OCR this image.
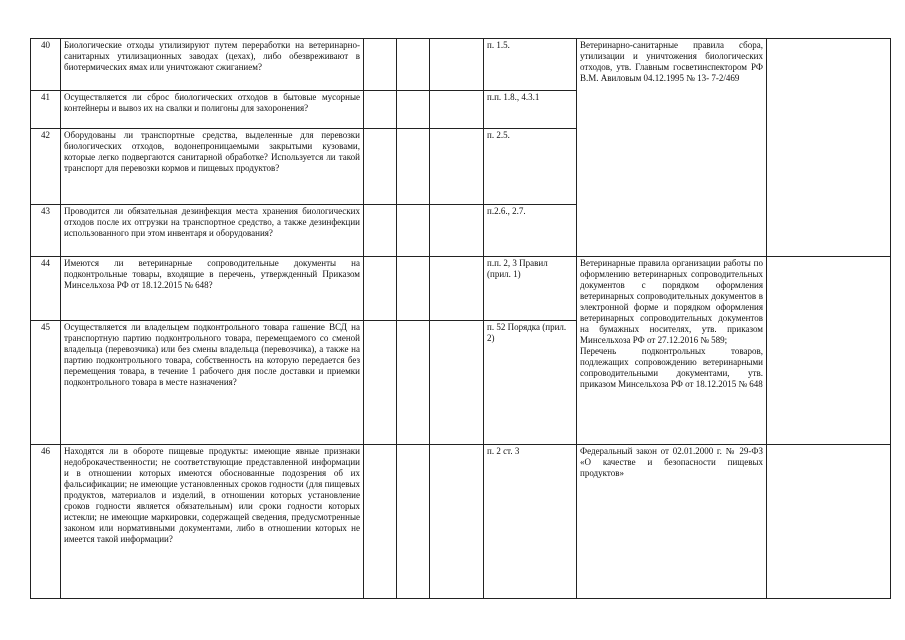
40	Биологические отходы утилизируют путем переработки на ветеринарно- санитарных утилизационных заводах (цехах), либо обезвреживают в биотермических ямах или уничтожают сжиганием?				п. 1.5.	Ветеринарно-санитарные правила сбора, утилизации и уничтожения биологических отходов, утв. Главным госветинспектором РФ В.М. Авиловым 04.12.1995 № 13- 7-2/469	
41	Осуществляется ли сброс биологических отходов в бытовые мусорные контейнеры и вывоз их на свалки и полигоны для захоронения?				п.п. 1.8., 4.3.1		
42	Оборудованы ли транспортные средства, выделенные для перевозки биологических отходов, водонепроницаемыми закрытыми кузовами, которые легко подвергаются санитарной обработке? Используется ли такой транспорт для перевозки кормов и пищевых продуктов?				п. 2.5.		
43	Проводится ли обязательная дезинфекция места хранения биологических отходов после их отгрузки на транспортное средство, а также дезинфекции использованного при этом инвентаря и оборудования?				п.2.6., 2.7.		
44	Имеются ли ветеринарные сопроводительные документы на подконтрольные товары, входящие в перечень, утвержденный Приказом Минсельхоза РФ от 18.12.2015 № 648?				п.п. 2, 3 Правил (прил. 1)	Ветеринарные правила организации работы по оформлению ветеринарных сопроводительных документов с порядком оформления ветеринарных сопроводительных документов в электронной форме и порядком оформления ветеринарных сопроводительных документов на бумажных носителях, утв. приказом Минсельхоза РФ от 27.12.2016 № 589;
Перечень подконтрольных товаров, подлежащих сопровождению ветеринарными сопроводительными документами, утв. приказом Минсельхоза РФ от 18.12.2015 № 648	

45	Осуществляется ли владельцем подконтрольного товара гашение ВСД на транспортную партию подконтрольного товара, перемещаемого со сменой владельца (перевозчика) или без смены владельца (перевозчика), а также на партию подконтрольного товара, собственность на которую передается без перемещения товара, в течение 1 рабочего дня после доставки и приемки подконтрольного товара в месте назначения?				п. 52 Порядка (прил. 2)		
46	Находятся ли в обороте пищевые продукты: имеющие явные признаки недоброкачественности; не соответствующие представленной информации и в отношении которых имеются обоснованные подозрения об их фальсификации; не имеющие установленных сроков годности (для пищевых продуктов, материалов и изделий, в отношении которых установление сроков годности является обязательным) или сроки годности которых истекли; не имеющие маркировки, содержащей сведения, предусмотренные законом или нормативными документами, либо в отношении которых не имеется такой информации?				п. 2 ст. 3	Федеральный закон от 02.01.2000 г. № 29-ФЗ «О качестве и безопасности пищевых продуктов»	
